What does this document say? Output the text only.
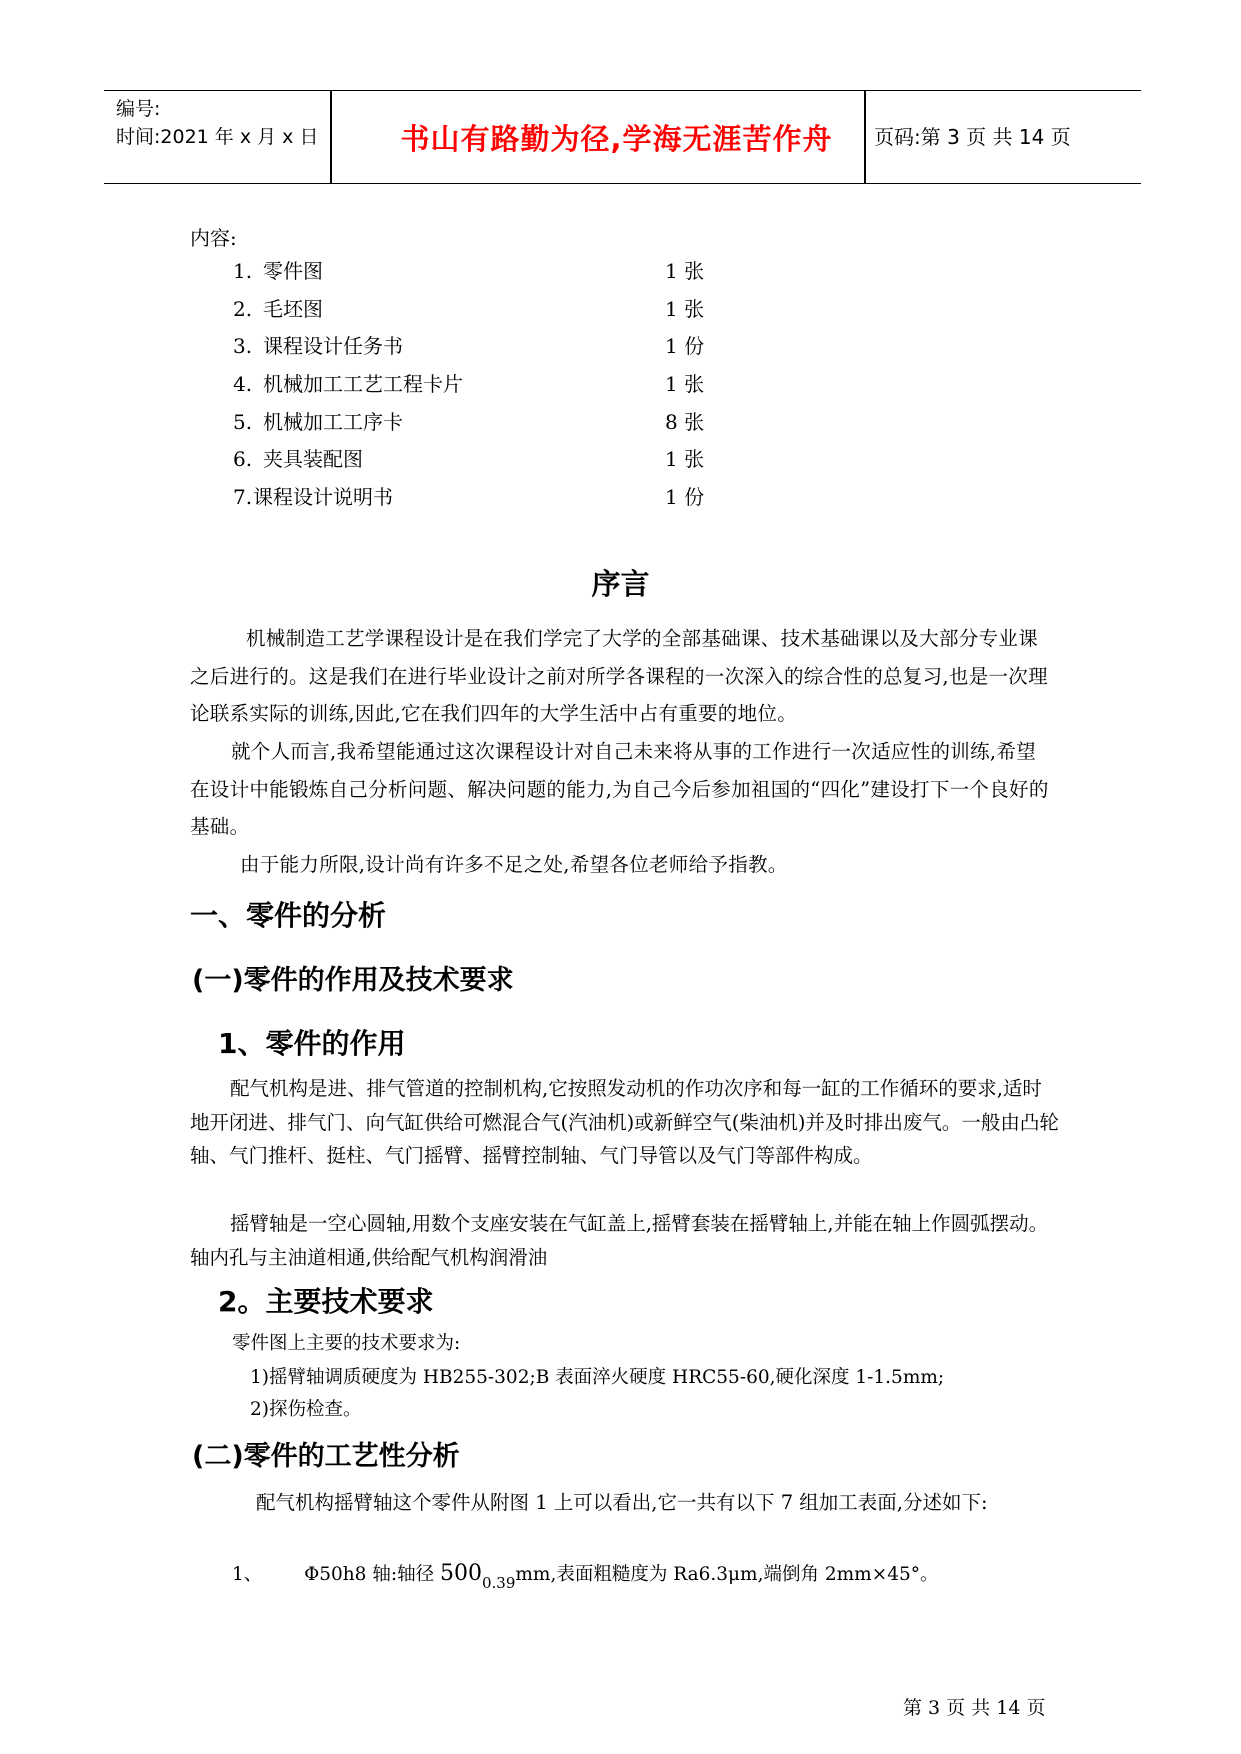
编号:
时间:2021 年 x 月 x 日	书山有路勤为径,学海无涯苦作舟	页码:第 3 页 共 14 页
内容:
1. 零件图	1 张
2. 毛坯图	1 张
3. 课程设计任务书	1 份
4. 机械加工工艺工程卡片	1 张
5. 机械加工工序卡	8 张
6. 夹具装配图	1 张
7. 课程设计说明书	1 份
序言
机械制造工艺学课程设计是在我们学完了大学的全部基础课、技术基础课以及大部分专业课之后进行的。这是我们在进行毕业设计之前对所学各课程的一次深入的综合性的总复习,也是一次理论联系实际的训练,因此,它在我们四年的大学生活中占有重要的地位。
就个人而言,我希望能通过这次课程设计对自己未来将从事的工作进行一次适应性的训练,希望在设计中能锻炼自己分析问题、解决问题的能力,为自己今后参加祖国的“四化”建设打下一个良好的基础。
由于能力所限,设计尚有许多不足之处,希望各位老师给予指教。
一、零件的分析
(一)零件的作用及技术要求
1、零件的作用
配气机构是进、排气管道的控制机构,它按照发动机的作功次序和每一缸的工作循环的要求,适时地开闭进、排气门、向气缸供给可燃混合气(汽油机)或新鲜空气(柴油机)并及时排出废气。一般由凸轮轴、气门推杆、挺柱、气门摇臂、摇臂控制轴、气门导管以及气门等部件构成。
摇臂轴是一空心圆轴,用数个支座安装在气缸盖上,摇臂套装在摇臂轴上,并能在轴上作圆弧摆动。轴内孔与主油道相通,供给配气机构润滑油
2。主要技术要求
零件图上主要的技术要求为:
1)摇臂轴调质硬度为 HB255-302;B 表面淬火硬度 HRC55-60,硬化深度 1-1.5mm;
2)探伤检查。
(二)零件的工艺性分析
配气机构摇臂轴这个零件从附图 1 上可以看出,它一共有以下 7 组加工表面,分述如下:
1、 Φ50h8 轴:轴径 $500_{0.39}mm$,表面粗糙度为 Ra6.3μm,端倒角 2mm×45°。
第 3 页 共 14 页
